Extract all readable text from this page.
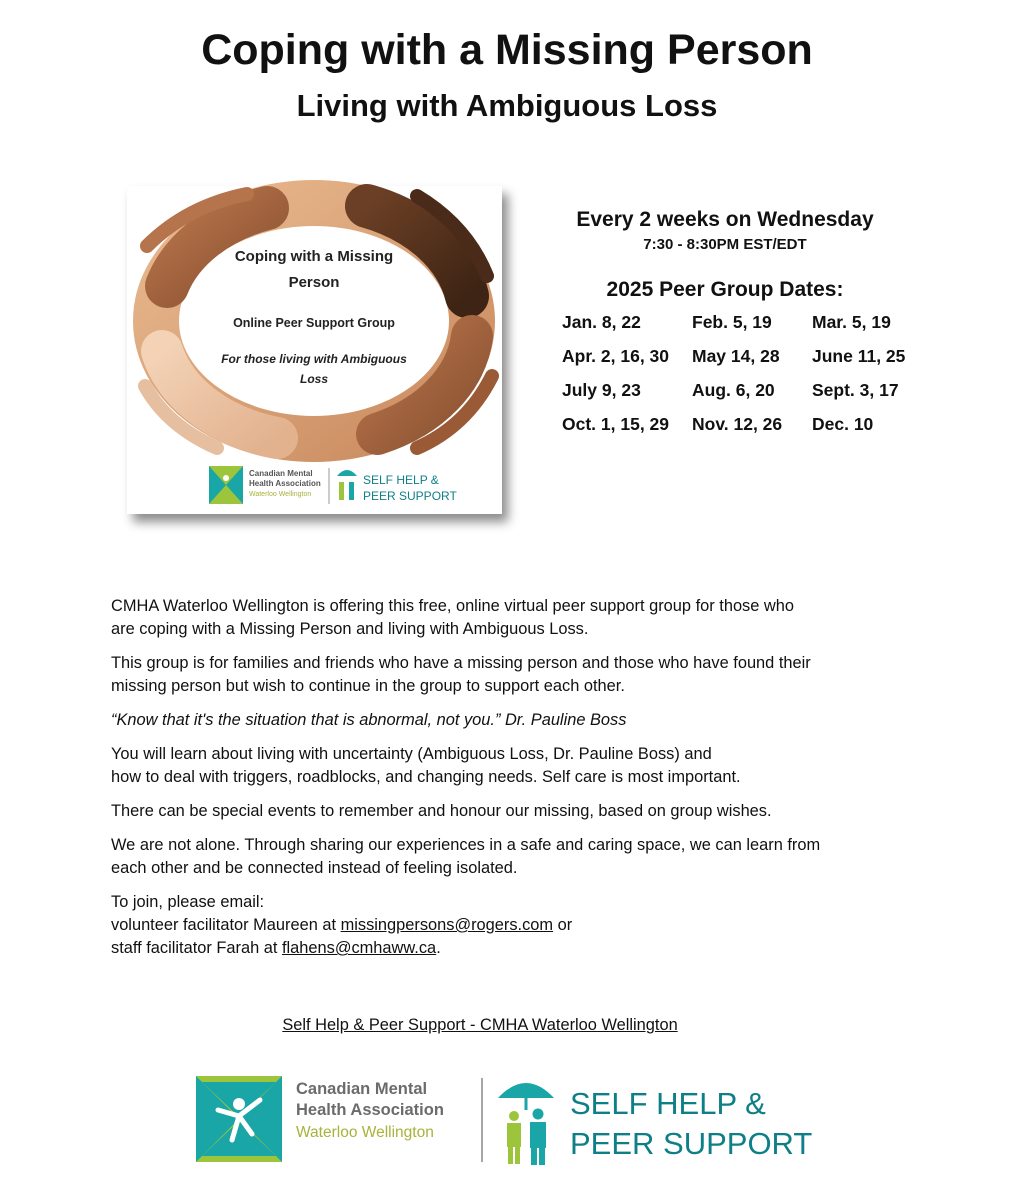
Coping with a Missing Person
Living with Ambiguous Loss
Coping with a Missing Person
Online Peer Support Group
For those living with Ambiguous Loss
Canadian Mental
Health Association
Waterloo Wellington
SELF HELP &
PEER SUPPORT
Every 2 weeks on Wednesday
7:30 - 8:30PM EST/EDT
2025 Peer Group Dates:
Jan. 8, 22	Feb. 5, 19 Mar. 5, 19
Apr. 2, 16, 30 May 14, 28 June 11, 25
July 9, 23	Aug. 6, 20 Sept. 3, 17
Oct. 1, 15, 29 Nov. 12, 26 Dec. 10

CMHA Waterloo Wellington is offering this free, online virtual peer support group for those who are coping with a Missing Person and living with Ambiguous Loss.

This group is for families and friends who have a missing person and those who have found their missing person but wish to continue in the group to support each other.

“Know that it's the situation that is abnormal, not you.” Dr. Pauline Boss

You will learn about living with uncertainty (Ambiguous Loss, Dr. Pauline Boss) and
how to deal with triggers, roadblocks, and changing needs. Self care is most important.

There can be special events to remember and honour our missing, based on group wishes.

We are not alone. Through sharing our experiences in a safe and caring space, we can learn from each other and be connected instead of feeling isolated.

To join, please email:
volunteer facilitator Maureen at missingpersons@rogers.com or
staff facilitator Farah at flahens@cmhaww.ca.

Self Help & Peer Support - CMHA Waterloo Wellington
Canadian Mental
Health Association
Waterloo Wellington
SELF HELP &
PEER SUPPORT
